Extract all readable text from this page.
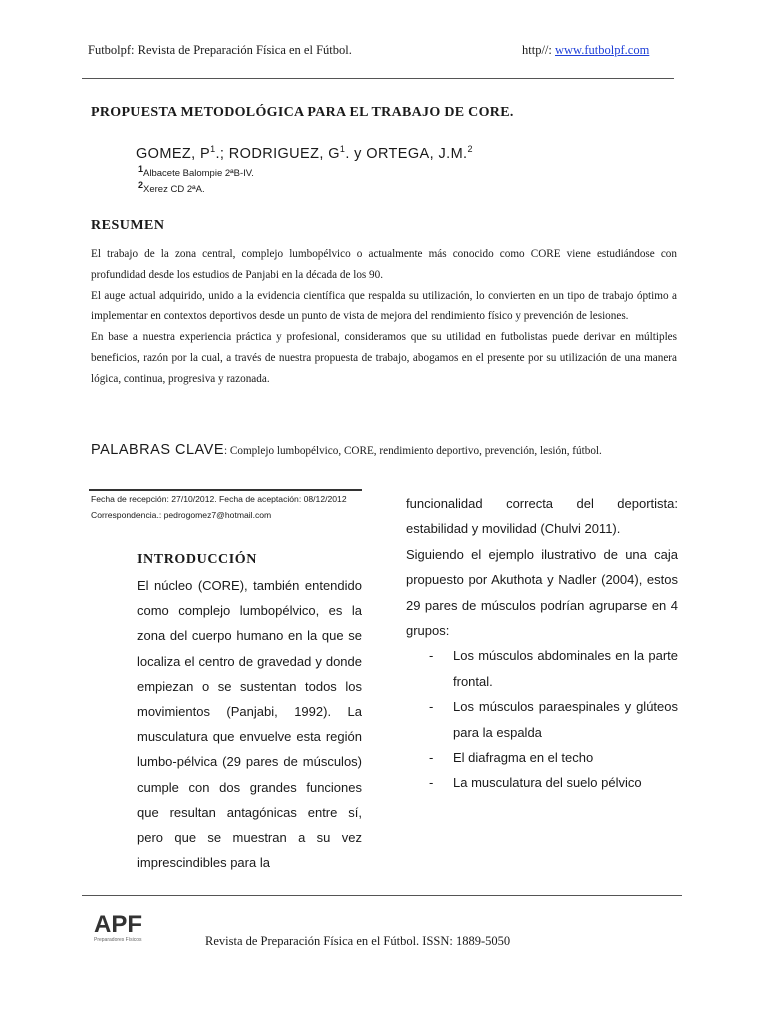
Futbolpf: Revista de Preparación Física en el Fútbol.	http//: www.futbolpf.com
PROPUESTA METODOLÓGICA PARA EL TRABAJO DE CORE.
GOMEZ, $P^1$.; RODRIGUEZ, $G^1$. y ORTEGA, J.M.$^2$
$^1$Albacete Balompie 2ªB-IV.
$^2$Xerez CD 2ªA.
RESUMEN

El trabajo de la zona central, complejo lumbopélvico o actualmente más conocido como CORE viene estudiándose con profundidad desde los estudios de Panjabi en la década de los 90.

El auge actual adquirido, unido a la evidencia científica que respalda su utilización, lo convierten en un tipo de trabajo óptimo a implementar en contextos deportivos desde un punto de vista de mejora del rendimiento físico y prevención de lesiones.

En base a nuestra experiencia práctica y profesional, consideramos que su utilidad en futbolistas puede derivar en múltiples beneficios, razón por la cual, a través de nuestra propuesta de trabajo, abogamos en el presente por su utilización de una manera lógica, continua, progresiva y razonada.

PALABRAS CLAVE: Complejo lumbopélvico, CORE, rendimiento deportivo, prevención, lesión, fútbol.
Fecha de recepción: 27/10/2012. Fecha de aceptación: 08/12/2012
Correspondencia.: pedrogomez7@hotmail.com
INTRODUCCIÓN

El núcleo (CORE), también entendido como complejo lumbopélvico, es la zona del cuerpo humano en la que se localiza el centro de gravedad y donde empiezan o se sustentan todos los movimientos (Panjabi, 1992). La musculatura que envuelve esta región lumbo-pélvica (29 pares de músculos) cumple con dos grandes funciones que resultan antagónicas entre sí, pero que se muestran a su vez imprescindibles para la

funcionalidad correcta del deportista: estabilidad y movilidad (Chulvi 2011).

Siguiendo el ejemplo ilustrativo de una caja propuesto por Akuthota y Nadler (2004), estos 29 pares de músculos podrían agruparse en 4 grupos:

-	Los músculos abdominales en la parte frontal.
-	Los músculos paraespinales y glúteos para la espalda
-	El diafragma en el techo
-	La musculatura del suelo pélvico
APF
Preparadores Físicos	Revista de Preparación Física en el Fútbol. ISSN: 1889-5050
